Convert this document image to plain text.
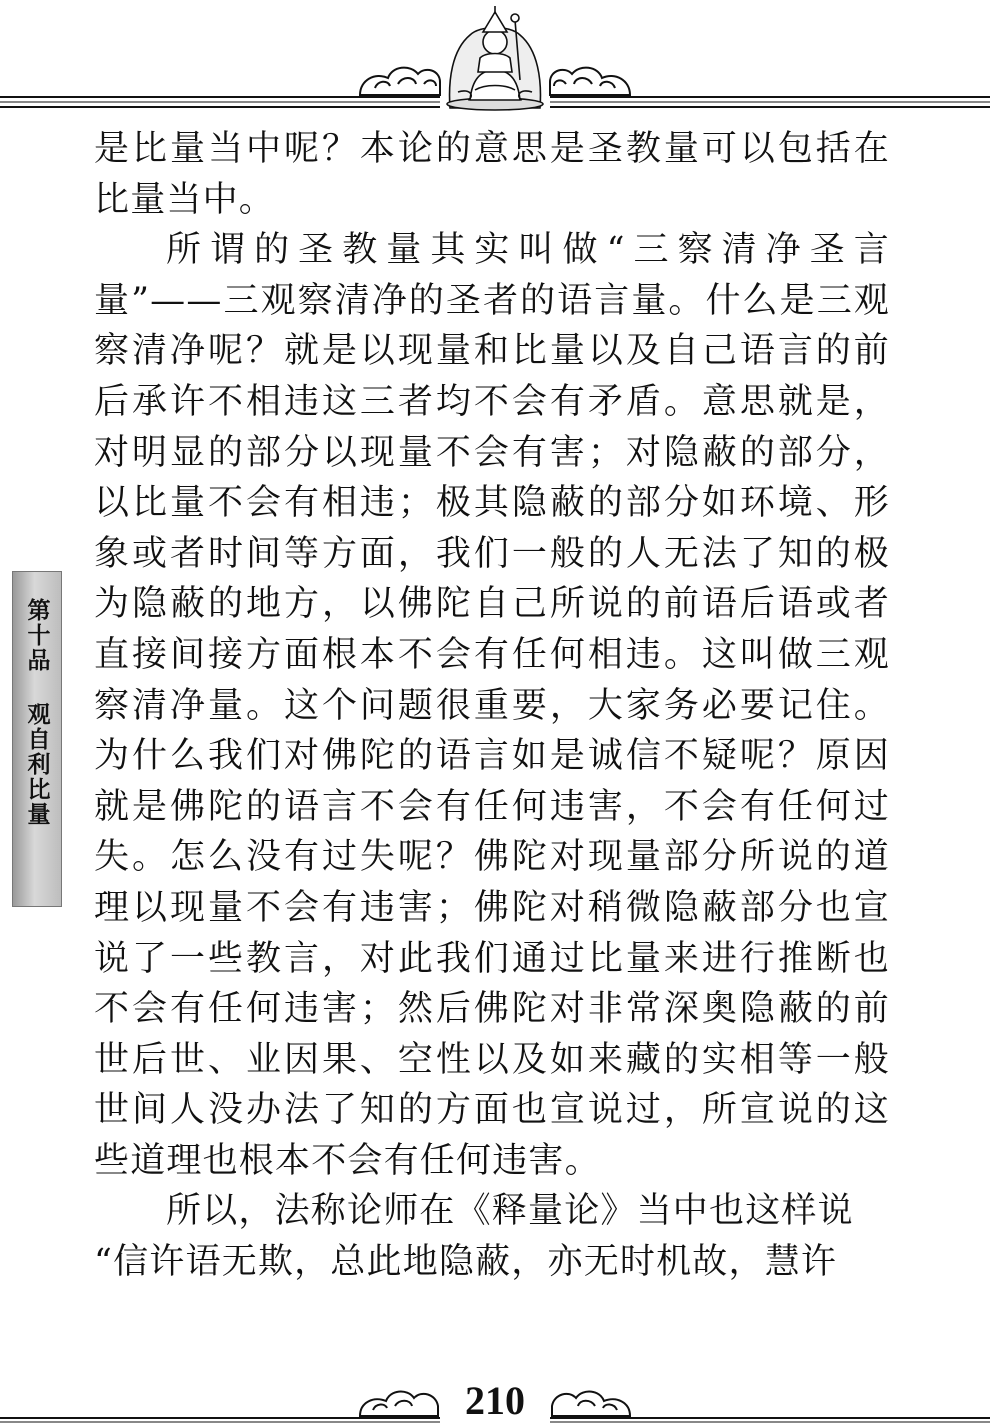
第十品 观自利比量

是比量当中呢？本论的意思是圣教量可以包括在比量当中。

所谓的圣教量其实叫做“三察清净圣言量”——三观察清净的圣者的语言量。什么是三观察清净呢？就是以现量和比量以及自己语言的前后承许不相违这三者均不会有矛盾。意思就是，对明显的部分以现量不会有害；对隐蔽的部分，以比量不会有相违；极其隐蔽的部分如环境、形象或者时间等方面，我们一般的人无法了知的极为隐蔽的地方，以佛陀自己所说的前语后语或者直接间接方面根本不会有任何相违。这叫做三观察清净量。这个问题很重要，大家务必要记住。为什么我们对佛陀的语言如是诚信不疑呢？原因就是佛陀的语言不会有任何违害，不会有任何过失。怎么没有过失呢？佛陀对现量部分所说的道理以现量不会有违害；佛陀对稍微隐蔽部分也宣说了一些教言，对此我们通过比量来进行推断也不会有任何违害；然后佛陀对非常深奥隐蔽的前世后世、业因果、空性以及如来藏的实相等一般世间人没办法了知的方面也宣说过，所宣说的这些道理也根本不会有任何违害。

所以，法称论师在《释量论》当中也这样说

“信许语无欺，总此地隐蔽，亦无时机故，慧许

210
